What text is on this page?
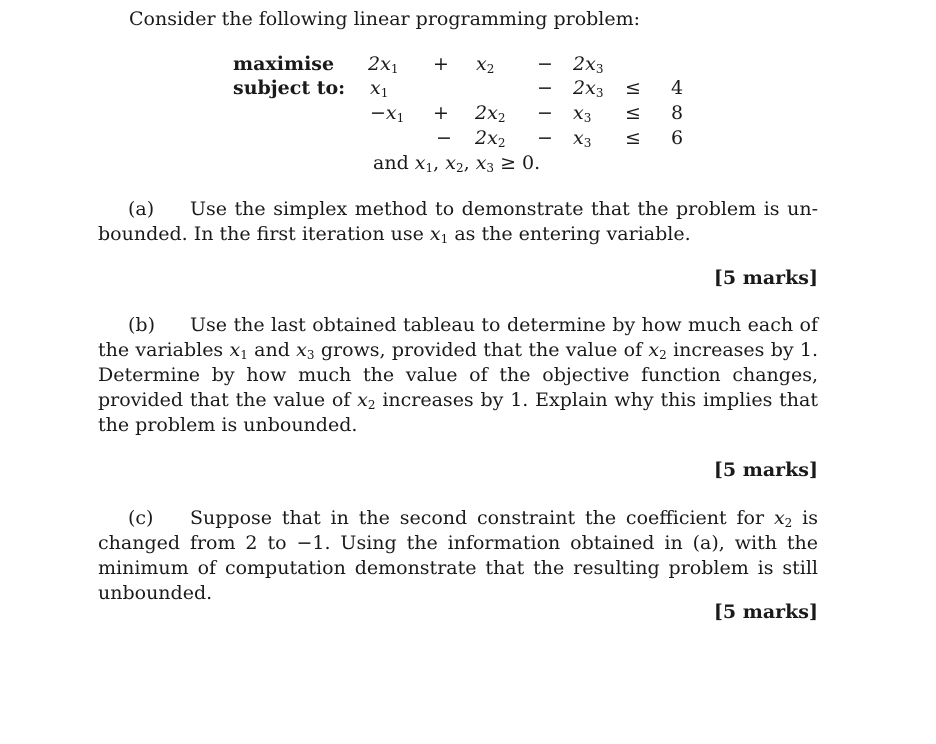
Consider the following linear programming problem:
maximise
subject to:
$2x_1 + x_2 - 2x_3$
$x_1$	− $2x_3 \le 4$
$-x_1 + 2x_2 - x_3 \le 8$
− $2x_2 - x_3 \le 6$
and $x_1$, $x_2$, $x_3 \ge 0$.
(a) Use the simplex method to demonstrate that the problem is un-bounded. In the first iteration use $x_1$ as the entering variable.
[5 marks]
(b) Use the last obtained tableau to determine by how much each of the variables $x_1$ and $x_3$ grows, provided that the value of $x_2$ increases by 1. Determine by how much the value of the objective function changes, provided that the value of $x_2$ increases by 1. Explain why this implies that the problem is unbounded.
[5 marks]
(c) Suppose that in the second constraint the coefficient for $x_2$ is changed from 2 to −1. Using the information obtained in (a), with the minimum of computation demonstrate that the resulting problem is still unbounded.
[5 marks]
